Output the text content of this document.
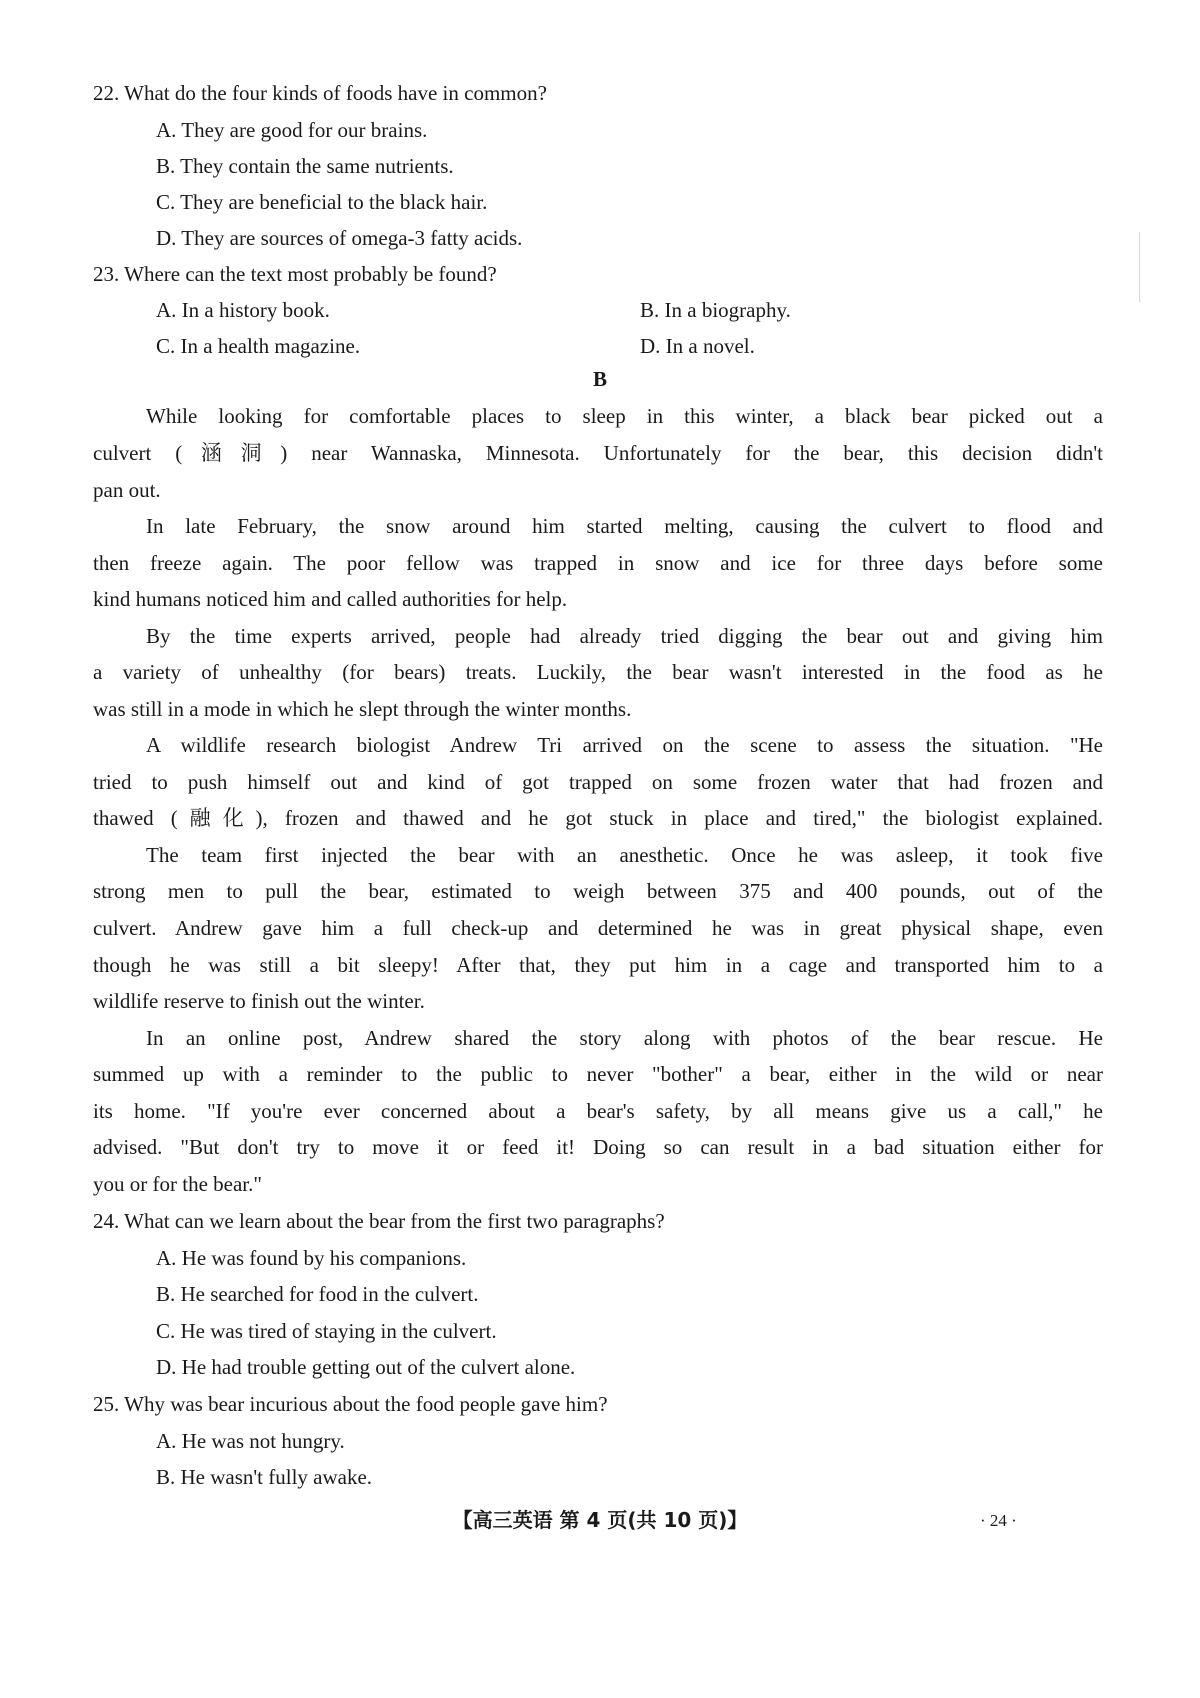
22. What do the four kinds of foods have in common?
A. They are good for our brains.
B. They contain the same nutrients.
C. They are beneficial to the black hair.
D. They are sources of omega-3 fatty acids.
23. Where can the text most probably be found?
A. In a history book.	B. In a biography.
C. In a health magazine.	D. In a novel.
B
While looking for comfortable places to sleep in this winter, a black bear picked out a
culvert (涵洞) near Wannaska, Minnesota. Unfortunately for the bear, this decision didn't
pan out.
In late February, the snow around him started melting, causing the culvert to flood and
then freeze again. The poor fellow was trapped in snow and ice for three days before some
kind humans noticed him and called authorities for help.
By the time experts arrived, people had already tried digging the bear out and giving him
a variety of unhealthy (for bears) treats. Luckily, the bear wasn't interested in the food as he
was still in a mode in which he slept through the winter months.
A wildlife research biologist Andrew Tri arrived on the scene to assess the situation. "He
tried to push himself out and kind of got trapped on some frozen water that had frozen and
thawed (融化), frozen and thawed and he got stuck in place and tired," the biologist explained.
The team first injected the bear with an anesthetic. Once he was asleep, it took five
strong men to pull the bear, estimated to weigh between 375 and 400 pounds, out of the
culvert. Andrew gave him a full check-up and determined he was in great physical shape, even
though he was still a bit sleepy! After that, they put him in a cage and transported him to a
wildlife reserve to finish out the winter.
In an online post, Andrew shared the story along with photos of the bear rescue. He
summed up with a reminder to the public to never "bother" a bear, either in the wild or near
its home. "If you're ever concerned about a bear's safety, by all means give us a call," he
advised. "But don't try to move it or feed it! Doing so can result in a bad situation either for
you or for the bear."
24. What can we learn about the bear from the first two paragraphs?
A. He was found by his companions.
B. He searched for food in the culvert.
C. He was tired of staying in the culvert.
D. He had trouble getting out of the culvert alone.
25. Why was bear incurious about the food people gave him?
A. He was not hungry.
B. He wasn't fully awake.
【高三英语 第 4 页(共 10 页)】	· 24 ·
